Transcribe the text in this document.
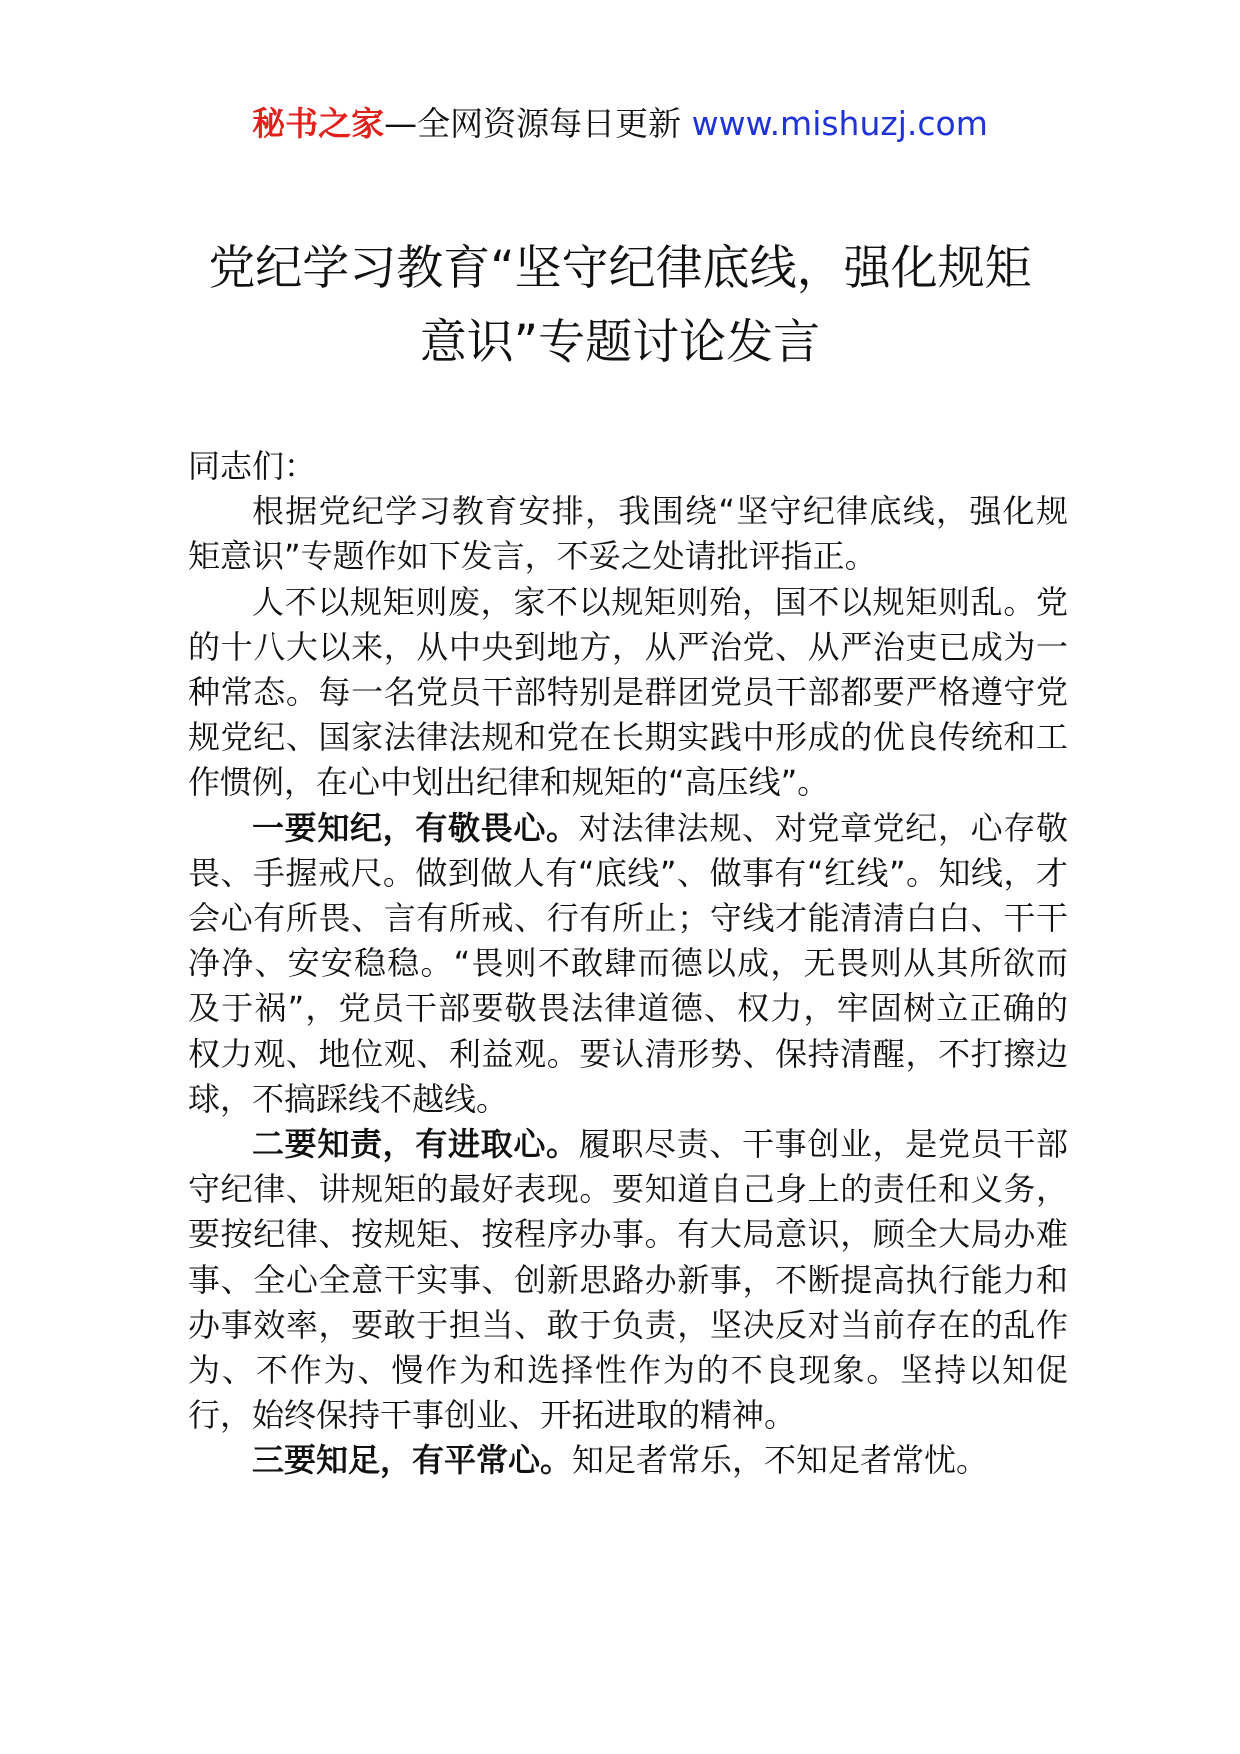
秘书之家—全网资源每日更新 www.mishuzj.com
党纪学习教育“坚守纪律底线，强化规矩
意识”专题讨论发言

同志们：

根据党纪学习教育安排，我围绕“坚守纪律底线，强化规矩意识”专题作如下发言，不妥之处请批评指正。

人不以规矩则废，家不以规矩则殆，国不以规矩则乱。党的十八大以来，从中央到地方，从严治党、从严治吏已成为一种常态。每一名党员干部特别是群团党员干部都要严格遵守党规党纪、国家法律法规和党在长期实践中形成的优良传统和工作惯例，在心中划出纪律和规矩的“高压线”。

一要知纪，有敬畏心。对法律法规、对党章党纪，心存敬畏、手握戒尺。做到做人有“底线”、做事有“红线”。知线，才会心有所畏、言有所戒、行有所止；守线才能清清白白、干干净净、安安稳稳。“畏则不敢肆而德以成，无畏则从其所欲而及于祸”，党员干部要敬畏法律道德、权力，牢固树立正确的权力观、地位观、利益观。要认清形势、保持清醒，不打擦边球，不搞踩线不越线。

二要知责，有进取心。履职尽责、干事创业，是党员干部守纪律、讲规矩的最好表现。要知道自己身上的责任和义务，要按纪律、按规矩、按程序办事。有大局意识，顾全大局办难事、全心全意干实事、创新思路办新事，不断提高执行能力和办事效率，要敢于担当、敢于负责，坚决反对当前存在的乱作为、不作为、慢作为和选择性作为的不良现象。坚持以知促行，始终保持干事创业、开拓进取的精神。

三要知足，有平常心。知足者常乐，不知足者常忧。
